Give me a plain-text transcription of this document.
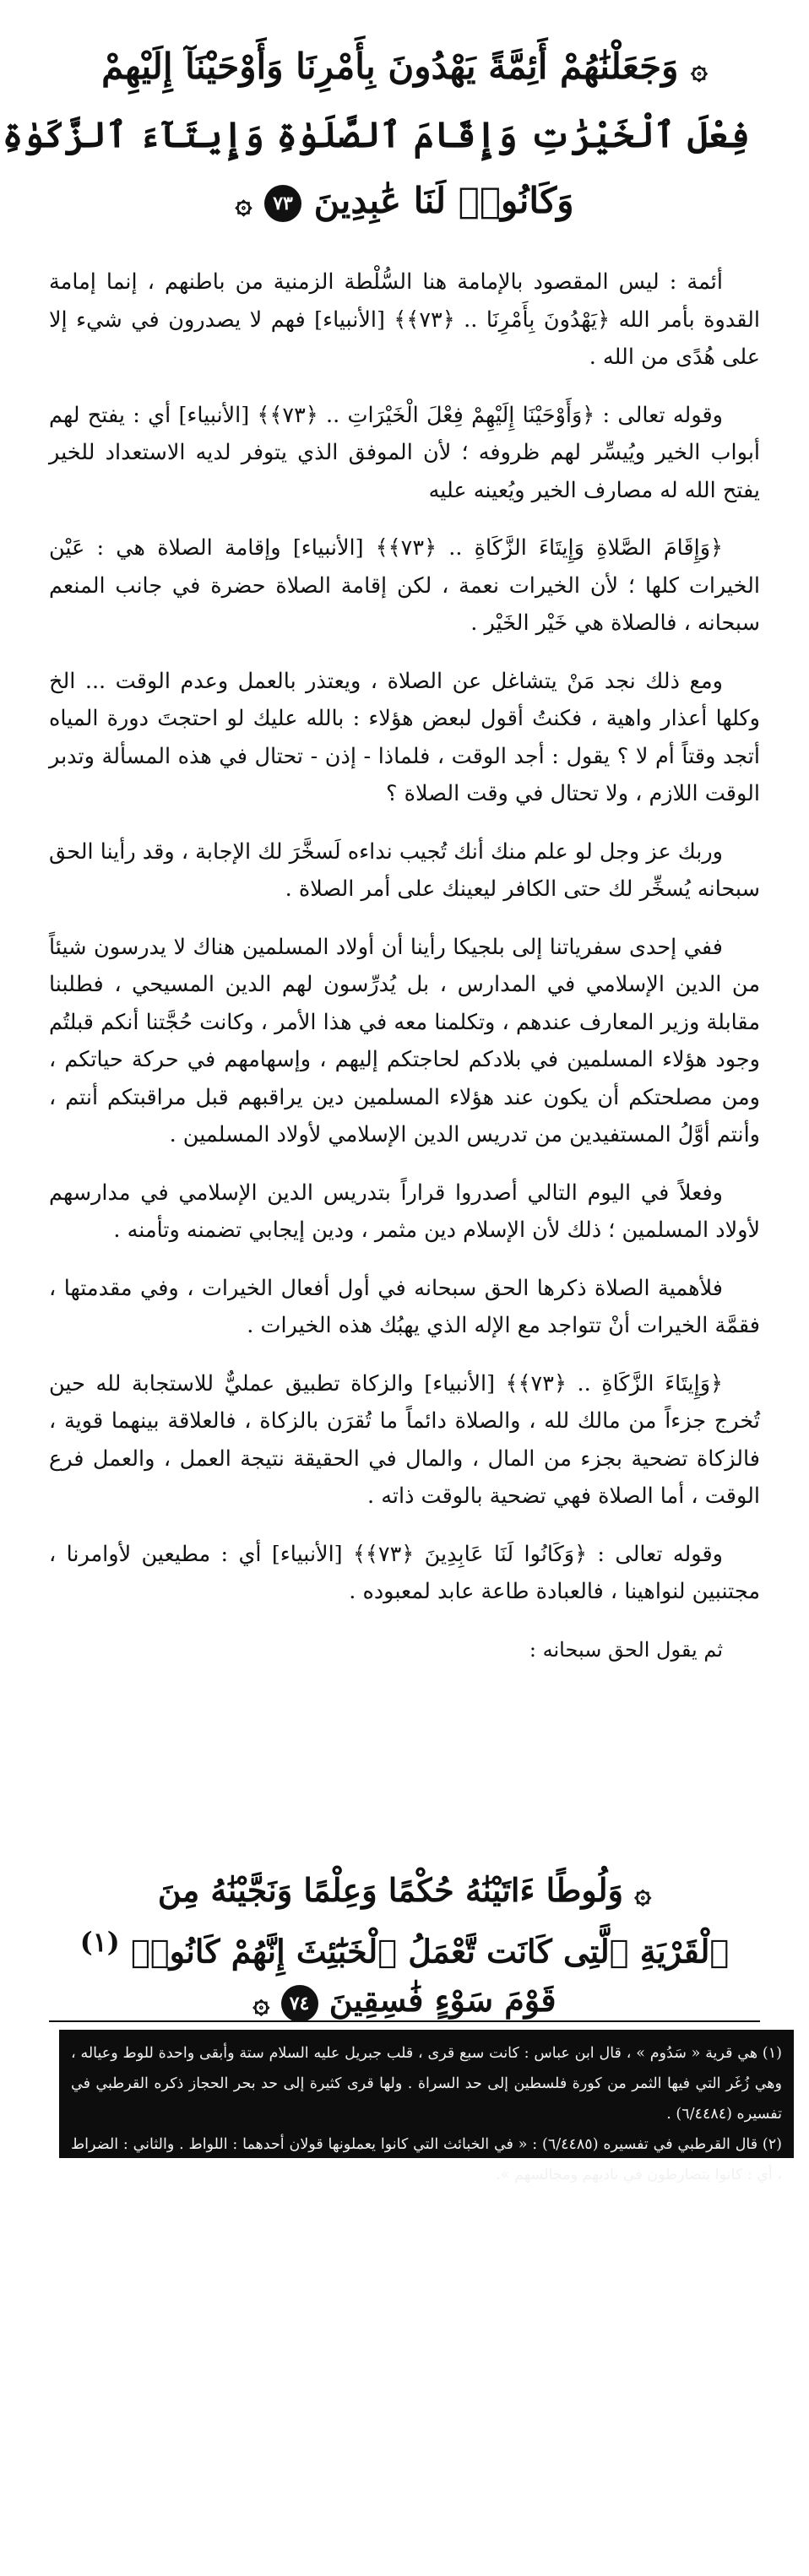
۞ وَجَعَلْنَٰهُمْ أَئِمَّةً يَهْدُونَ بِأَمْرِنَا وَأَوْحَيْنَآ إِلَيْهِمْ
فِعْلَ ٱلْخَيْرَٰتِ وَإِقَامَ ٱلصَّلَوٰةِ وَإِيتَآءَ ٱلزَّكَوٰةِ
وَكَانُوا۟ لَنَا عَٰبِدِينَ ٧٣ ۞

أئمة : ليس المقصود بالإمامة هنا السُّلْطة الزمنية من باطنهم ، إنما إمامة القدوة بأمر الله ﴿يَهْدُونَ بِأَمْرِنَا .. ﴿٧٣﴾﴾ [الأنبياء] فهم لا يصدرون في شيء إلا على هُدًى من الله .

وقوله تعالى : ﴿وَأَوْحَيْنَا إِلَيْهِمْ فِعْلَ الْخَيْرَاتِ .. ﴿٧٣﴾﴾ [الأنبياء] أي : يفتح لهم أبواب الخير ويُيسِّر لهم ظروفه ؛ لأن الموفق الذي يتوفر لديه الاستعداد للخير يفتح الله له مصارف الخير ويُعينه عليه

﴿وَإِقَامَ الصَّلاةِ وَإِيتَاءَ الزَّكَاةِ .. ﴿٧٣﴾﴾ [الأنبياء] وإقامة الصلاة هي : عَيْن الخيرات كلها ؛ لأن الخيرات نعمة ، لكن إقامة الصلاة حضرة في جانب المنعم سبحانه ، فالصلاة هي خَيْر الخَيْر .

ومع ذلك نجد مَنْ يتشاغل عن الصلاة ، ويعتذر بالعمل وعدم الوقت ... الخ وكلها أعذار واهية ، فكنتُ أقول لبعض هؤلاء : بالله عليك لو احتجتَ دورة المياه أتجد وقتاً أم لا ؟ يقول : أجد الوقت ، فلماذا - إذن - تحتال في هذه المسألة وتدبر الوقت اللازم ، ولا تحتال في وقت الصلاة ؟

وربك عز وجل لو علم منك أنك تُجيب نداءه لَسخَّرَ لك الإجابة ، وقد رأينا الحق سبحانه يُسخِّر لك حتى الكافر ليعينك على أمر الصلاة .

ففي إحدى سفرياتنا إلى بلجيكا رأينا أن أولاد المسلمين هناك لا يدرسون شيئاً من الدين الإسلامي في المدارس ، بل يُدرِّسون لهم الدين المسيحي ، فطلبنا مقابلة وزير المعارف عندهم ، وتكلمنا معه في هذا الأمر ، وكانت حُجَّتنا أنكم قبلتُم وجود هؤلاء المسلمين في بلادكم لحاجتكم إليهم ، وإسهامهم في حركة حياتكم ، ومن مصلحتكم أن يكون عند هؤلاء المسلمين دين يراقبهم قبل مراقبتكم أنتم ، وأنتم أوَّلُ المستفيدين من تدريس الدين الإسلامي لأولاد المسلمين .

وفعلاً في اليوم التالي أصدروا قراراً بتدريس الدين الإسلامي في مدارسهم لأولاد المسلمين ؛ ذلك لأن الإسلام دين مثمر ، ودين إيجابي تضمنه وتأمنه .

فلأهمية الصلاة ذكرها الحق سبحانه في أول أفعال الخيرات ، وفي مقدمتها ، فقمَّة الخيرات أنْ تتواجد مع الإله الذي يهبُك هذه الخيرات .

﴿وَإِيتَاءَ الزَّكَاةِ .. ﴿٧٣﴾﴾ [الأنبياء] والزكاة تطبيق عمليٌّ للاستجابة لله حين تُخرج جزءاً من مالك لله ، والصلاة دائماً ما تُقرَن بالزكاة ، فالعلاقة بينهما قوية ، فالزكاة تضحية بجزء من المال ، والمال في الحقيقة نتيجة العمل ، والعمل فرع الوقت ، أما الصلاة فهي تضحية بالوقت ذاته .

وقوله تعالى : ﴿وَكَانُوا لَنَا عَابِدِينَ ﴿٧٣﴾﴾ [الأنبياء] أي : مطيعين لأوامرنا ، مجتنبين لنواهينا ، فالعبادة طاعة عابد لمعبوده .

ثم يقول الحق سبحانه :

۞ وَلُوطًا ءَاتَيْنَٰهُ حُكْمًا وَعِلْمًا وَنَجَّيْنَٰهُ مِنَ
ٱلْقَرْيَةِ ٱلَّتِى كَانَت تَّعْمَلُ ٱلْخَبَٰٓئِثَ إِنَّهُمْ كَانُوا۟ $^{(١)}$
قَوْمَ سَوْءٍ فَٰسِقِينَ ٧٤ ۞

(١) هي قرية « سَدُوم » ، قال ابن عباس : كانت سبع قرى ، قلب جبريل عليه السلام ستة وأبقى واحدة للوط وعياله ، وهي زُغَر التي فيها الثمر من كورة فلسطين إلى حد السراة . ولها قرى كثيرة إلى حد بحر الحجاز ذكره القرطبي في تفسيره (٦/٤٤٨٤) .

(٢) قال القرطبي في تفسيره (٦/٤٤٨٥) : « في الخبائث التي كانوا يعملونها قولان أحدهما : اللواط . والثاني : الضراط ، أي : كانوا يتضارطون في ناديهم ومجالسهم ».
